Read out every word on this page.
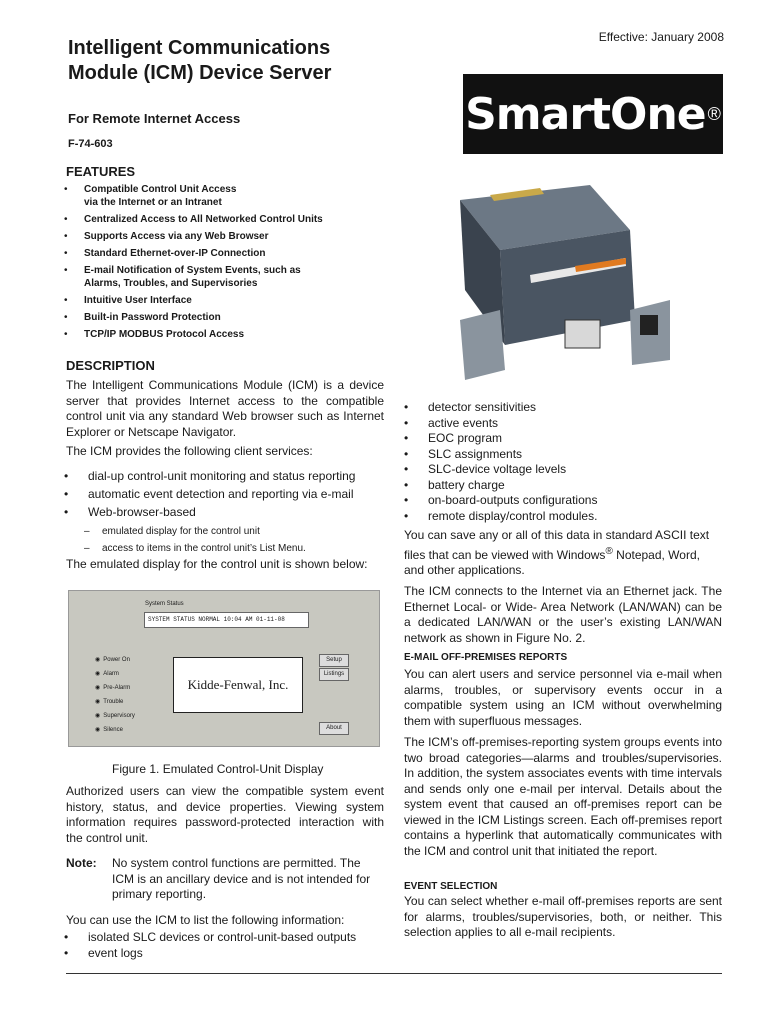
Effective: January 2008
Intelligent Communications
Module (ICM) Device Server
For Remote Internet Access
F-74-603
SmartOne ®
FEATURES
• Compatible Control Unit Access
via the Internet or an Intranet
• Centralized Access to All Networked Control Units
• Supports Access via any Web Browser
• Standard Ethernet-over-IP Connection
• E-mail Notification of System Events, such as
Alarms, Troubles, and Supervisories
• Intuitive User Interface
• Built-in Password Protection
• TCP/IP MODBUS Protocol Access
DESCRIPTION

The Intelligent Communications Module (ICM) is a device server that provides Internet access to the compatible control unit via any standard Web browser such as Internet Explorer or Netscape Navigator.

The ICM provides the following client services:

• dial-up control-unit monitoring and status reporting
• automatic event detection and reporting via e-mail
• Web-browser-based
– emulated display for the control unit
– access to items in the control unit’s List Menu.

The emulated display for the control unit is shown below:

System Status
SYSTEM STATUS NORMAL 10:04 AM 01-11-08
◉ Power On
◉ Alarm
◉ Pre-Alarm
◉ Trouble
◉ Supervisory
◉ Silence
Kidde-Fenwal, Inc.
Setup
Listings
About
Figure 1. Emulated Control-Unit Display

Authorized users can view the compatible system event history, status, and device properties. Viewing system information requires password-protected interaction with the control unit.

Note: No system control functions are permitted. The ICM is an ancillary device and is not intended for primary reporting.

You can use the ICM to list the following information:

• isolated SLC devices or control-unit-based outputs
• event logs
• detector sensitivities
• active events
• EOC program
• SLC assignments
• SLC-device voltage levels
• battery charge
• on-board-outputs configurations
• remote display/control modules.

You can save any or all of this data in standard ASCII text files that can be viewed with Windows® Notepad, Word, and other applications.

The ICM connects to the Internet via an Ethernet jack. The Ethernet Local- or Wide- Area Network (LAN/WAN) can be a dedicated LAN/WAN or the user’s existing LAN/WAN network as shown in Figure No. 2.

E-MAIL OFF-PREMISES REPORTS

You can alert users and service personnel via e-mail when alarms, troubles, or supervisory events occur in a compatible system using an ICM without overwhelming them with superfluous messages.

The ICM’s off-premises-reporting system groups events into two broad categories—alarms and troubles/supervisories. In addition, the system associates events with time intervals and sends only one e-mail per interval. Details about the system event that caused an off-premises report can be viewed in the ICM Listings screen. Each off-premises report contains a hyperlink that automatically communicates with the ICM and control unit that initiated the report.

EVENT SELECTION

You can select whether e-mail off-premises reports are sent for alarms, troubles/supervisories, both, or neither. This selection applies to all e-mail recipients.
